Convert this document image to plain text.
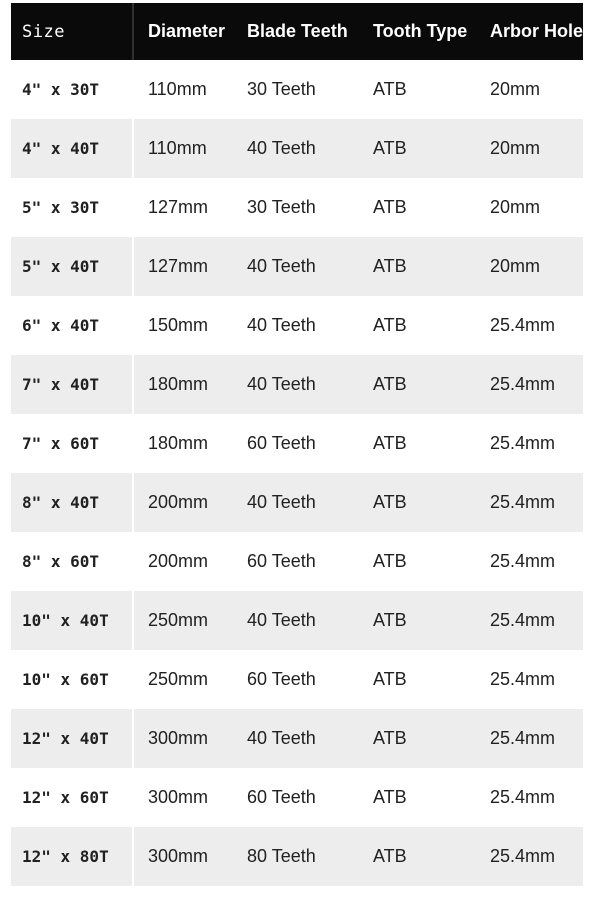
Size	Diameter	Blade Teeth	Tooth Type	Arbor Hole
4" x 30T	110mm	30 Teeth	ATB	20mm
4" x 40T	110mm	40 Teeth	ATB	20mm
5" x 30T	127mm	30 Teeth	ATB	20mm
5" x 40T	127mm	40 Teeth	ATB	20mm
6" x 40T	150mm	40 Teeth	ATB	25.4mm
7" x 40T	180mm	40 Teeth	ATB	25.4mm
7" x 60T	180mm	60 Teeth	ATB	25.4mm
8" x 40T	200mm	40 Teeth	ATB	25.4mm
8" x 60T	200mm	60 Teeth	ATB	25.4mm
10" x 40T	250mm	40 Teeth	ATB	25.4mm
10" x 60T	250mm	60 Teeth	ATB	25.4mm
12" x 40T	300mm	40 Teeth	ATB	25.4mm
12" x 60T	300mm	60 Teeth	ATB	25.4mm
12" x 80T	300mm	80 Teeth	ATB	25.4mm
